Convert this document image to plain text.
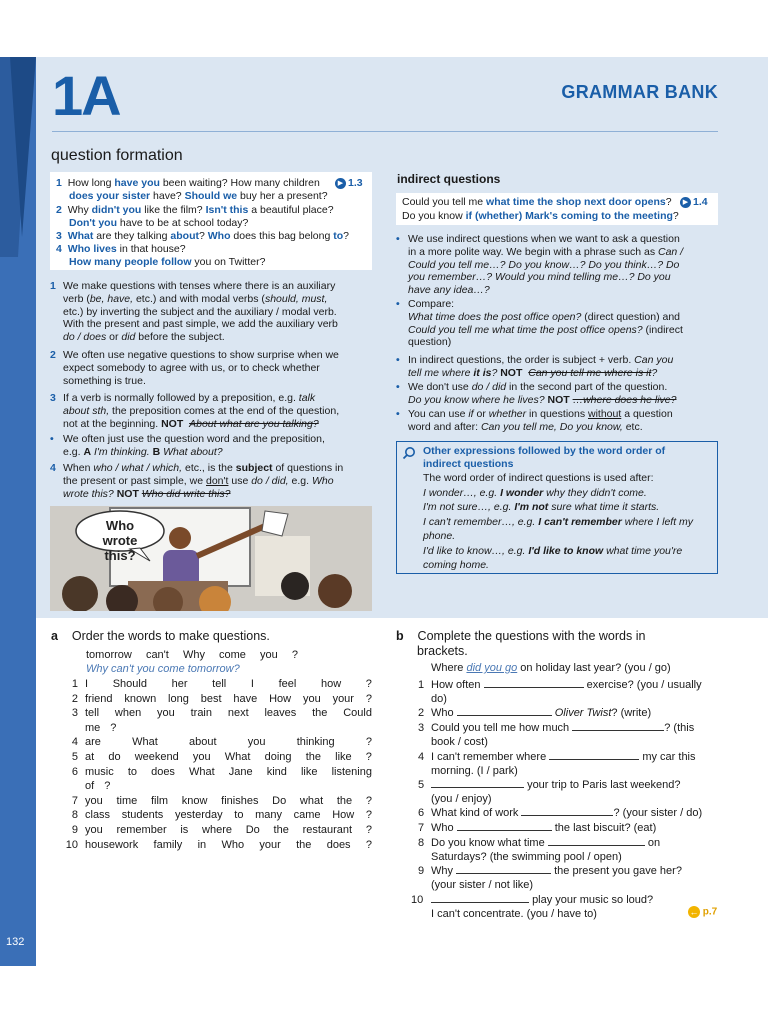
132
1A	GRAMMAR BANK
question formation
1 How long have you been waiting? How many children	▶ 1.3
does your sister have? Should we buy her a present?
2 Why didn't you like the film? Isn't this a beautiful place?
Don't you have to be at school today?
3 What are they talking about? Who does this bag belong to?
4 Who lives in that house?
How many people follow you on Twitter?
1 We make questions with tenses where there is an auxiliary
verb (be, have, etc.) and with modal verbs (should, must,
etc.) by inverting the subject and the auxiliary / modal verb.
With the present and past simple, we add the auxiliary verb
do / does or did before the subject.
2 We often use negative questions to show surprise when we
expect somebody to agree with us, or to check whether
something is true.
3 If a verb is normally followed by a preposition, e.g. talk
about sth, the preposition comes at the end of the question,
not at the beginning. NOT About what are you talking?
• We often just use the question word and the preposition,
e.g. A I'm thinking. B What about?
4 When who / what / which, etc., is the subject of questions in
the present or past simple, we don't use do / did, e.g. Who
wrote this? NOT Who did write this?
Who wrote this?
indirect questions
Could you tell me what time the shop next door opens?	▶ 1.4
Do you know if (whether) Mark's coming to the meeting?
• We use indirect questions when we want to ask a question
in a more polite way. We begin with a phrase such as Can /
Could you tell me…? Do you know…? Do you think…? Do
you remember…? Would you mind telling me…? Do you
have any idea…?
• Compare:
What time does the post office open? (direct question) and
Could you tell me what time the post office opens? (indirect
question)
• In indirect questions, the order is subject + verb. Can you
tell me where it is? NOT Can you tell me where is it?
• We don't use do / did in the second part of the question.
Do you know where he lives? NOT …where does he live?
• You can use if or whether in questions without a question
word and after: Can you tell me, Do you know, etc.
Other expressions followed by the word order of
indirect questions
The word order of indirect questions is used after:
I wonder…, e.g. I wonder why they didn't come.
I'm not sure…, e.g. I'm not sure what time it starts.
I can't remember…, e.g. I can't remember where I left my
phone.
I'd like to know…, e.g. I'd like to know what time you're
coming home.
a Order the words to make questions.
tomorrow can't Why come you ?
Why can't you come tomorrow?
1 I Should her tell I feel how ?
2 friend known long best have How you your ?
3 tell when you train next leaves the Could
me ?
4 are	What	about	you	thinking	?
5 at do weekend you What doing the like ?
6 music to does What Jane kind like listening
of ?
7 you time film know finishes Do what the ?
8 class students yesterday to many came How ?
9 you remember is where Do the restaurant ?
10 housework family in Who your the does ?
b Complete the questions with the words in
brackets.
Where did you go on holiday last year? (you / go)
1 How often	exercise? (you / usually
do)
2 Who	Oliver Twist? (write)
3 Could you tell me how much	? (this
book / cost)
4 I can't remember where	my car this
morning. (I / park)
5	your trip to Paris last weekend?
(you / enjoy)
6 What kind of work	? (your sister / do)
7 Who	the last biscuit? (eat)
8 Do you know what time	on
Saturdays? (the swimming pool / open)
9 Why	the present you gave her?
(your sister / not like)
10	play your music so loud?
I can't concentrate. (you / have to)	← p.7
